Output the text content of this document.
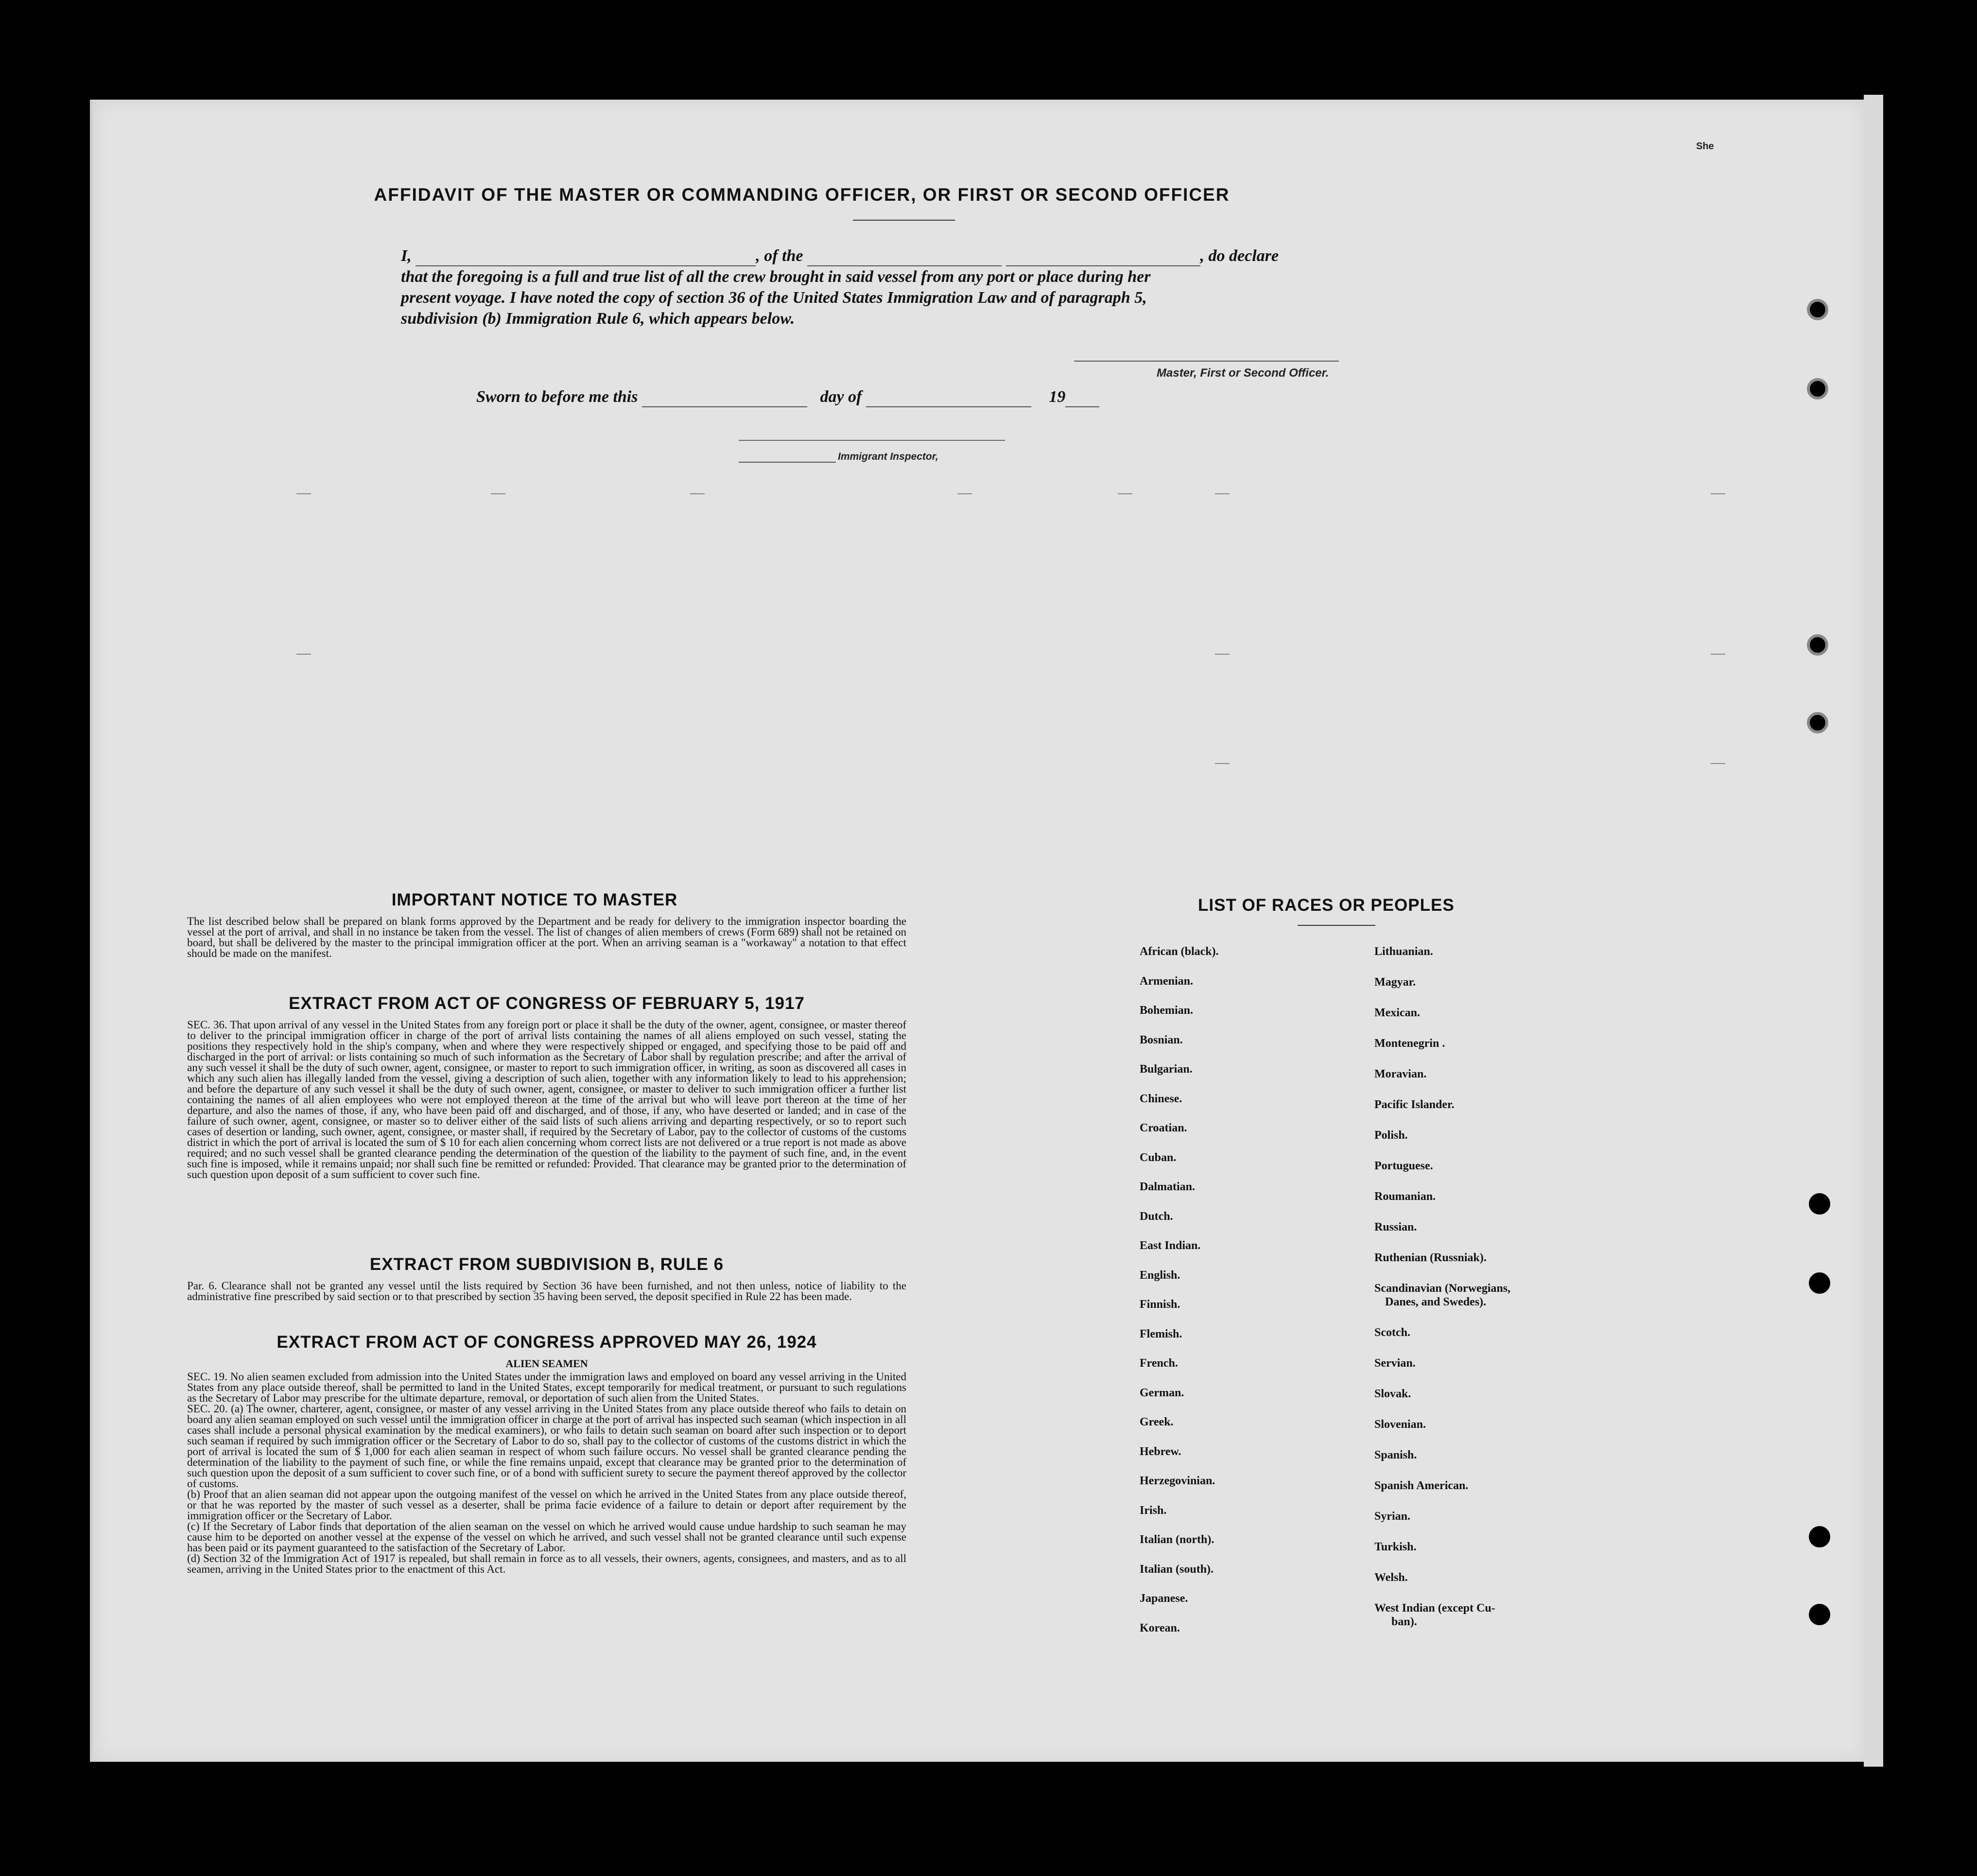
She
AFFIDAVIT OF THE MASTER OR COMMANDING OFFICER, OR FIRST OR SECOND OFFICER
I,	, of the	, do declare
that the foregoing is a full and true list of all the crew brought in said vessel from any port or place during her
present voyage. I have noted the copy of section 36 of the United States Immigration Law and of paragraph 5,
subdivision (b) Immigration Rule 6, which appears below.
Master, First or Second Officer.
Sworn to before me this	day of	19
Immigrant Inspector,
IMPORTANT NOTICE TO MASTER
The list described below shall be prepared on blank forms approved by the Department and be ready for delivery to the immigration inspector boarding the vessel at the port of arrival, and shall in no instance be taken from the vessel. The list of changes of alien members of crews (Form 689) shall not be retained on board, but shall be delivered by the master to the principal immigration officer at the port. When an arriving seaman is a "workaway" a notation to that effect should be made on the manifest.
EXTRACT FROM ACT OF CONGRESS OF FEBRUARY 5, 1917
SEC. 36. That upon arrival of any vessel in the United States from any foreign port or place it shall be the duty of the owner, agent, consignee, or master thereof to deliver to the principal immigration officer in charge of the port of arrival lists containing the names of all aliens employed on such vessel, stating the positions they respectively hold in the ship's company, when and where they were respectively shipped or engaged, and specifying those to be paid off and discharged in the port of arrival: or lists containing so much of such information as the Secretary of Labor shall by regulation prescribe; and after the arrival of any such vessel it shall be the duty of such owner, agent, consignee, or master to report to such immigration officer, in writing, as soon as discovered all cases in which any such alien has illegally landed from the vessel, giving a description of such alien, together with any information likely to lead to his apprehension; and before the departure of any such vessel it shall be the duty of such owner, agent, consignee, or master to deliver to such immigration officer a further list containing the names of all alien employees who were not employed thereon at the time of the arrival but who will leave port thereon at the time of her departure, and also the names of those, if any, who have been paid off and discharged, and of those, if any, who have deserted or landed; and in case of the failure of such owner, agent, consignee, or master so to deliver either of the said lists of such aliens arriving and departing respectively, or so to report such cases of desertion or landing, such owner, agent, consignee, or master shall, if required by the Secretary of Labor, pay to the collector of customs of the customs district in which the port of arrival is located the sum of $ 10 for each alien concerning whom correct lists are not delivered or a true report is not made as above required; and no such vessel shall be granted clearance pending the determination of the question of the liability to the payment of such fine, and, in the event such fine is imposed, while it remains unpaid; nor shall such fine be remitted or refunded: Provided. That clearance may be granted prior to the determination of such question upon deposit of a sum sufficient to cover such fine.
EXTRACT FROM SUBDIVISION B, RULE 6
Par. 6. Clearance shall not be granted any vessel until the lists required by Section 36 have been furnished, and not then unless, notice of liability to the administrative fine prescribed by said section or to that prescribed by section 35 having been served, the deposit specified in Rule 22 has been made.
EXTRACT FROM ACT OF CONGRESS APPROVED MAY 26, 1924
ALIEN SEAMEN

SEC. 19. No alien seamen excluded from admission into the United States under the immigration laws and employed on board any vessel arriving in the United States from any place outside thereof, shall be permitted to land in the United States, except temporarily for medical treatment, or pursuant to such regulations as the Secretary of Labor may prescribe for the ultimate departure, removal, or deportation of such alien from the United States.

SEC. 20. (a) The owner, charterer, agent, consignee, or master of any vessel arriving in the United States from any place outside thereof who fails to detain on board any alien seaman employed on such vessel until the immigration officer in charge at the port of arrival has inspected such seaman (which inspection in all cases shall include a personal physical examination by the medical examiners), or who fails to detain such seaman on board after such inspection or to deport such seaman if required by such immigration officer or the Secretary of Labor to do so, shall pay to the collector of customs of the customs district in which the port of arrival is located the sum of $ 1,000 for each alien seaman in respect of whom such failure occurs. No vessel shall be granted clearance pending the determination of the liability to the payment of such fine, or while the fine remains unpaid, except that clearance may be granted prior to the determination of such question upon the deposit of a sum sufficient to cover such fine, or of a bond with sufficient surety to secure the payment thereof approved by the collector of customs.

(b) Proof that an alien seaman did not appear upon the outgoing manifest of the vessel on which he arrived in the United States from any place outside thereof, or that he was reported by the master of such vessel as a deserter, shall be prima facie evidence of a failure to detain or deport after requirement by the immigration officer or the Secretary of Labor.

(c) If the Secretary of Labor finds that deportation of the alien seaman on the vessel on which he arrived would cause undue hardship to such seaman he may cause him to be deported on another vessel at the expense of the vessel on which he arrived, and such vessel shall not be granted clearance until such expense has been paid or its payment guaranteed to the satisfaction of the Secretary of Labor.

(d) Section 32 of the Immigration Act of 1917 is repealed, but shall remain in force as to all vessels, their owners, agents, consignees, and masters, and as to all seamen, arriving in the United States prior to the enactment of this Act.

LIST OF RACES OR PEOPLES
African (black).
Armenian.
Bohemian.
Bosnian.
Bulgarian.
Chinese.
Croatian.
Cuban.
Dalmatian.
Dutch.
East Indian.
English.
Finnish.
Flemish.
French.
German.
Greek.
Hebrew.
Herzegovinian.
Irish.
Italian (north).
Italian (south).
Japanese.
Korean.
Lithuanian.
Magyar.
Mexican.
Montenegrin .
Moravian.
Pacific Islander.
Polish.
Portuguese.
Roumanian.
Russian.
Ruthenian (Russniak).
Scandinavian (Norwegians,
Danes, and Swedes).
Scotch.
Servian.
Slovak.
Slovenian.
Spanish.
Spanish American.
Syrian.
Turkish.
Welsh.
West Indian (except Cu-
ban).
